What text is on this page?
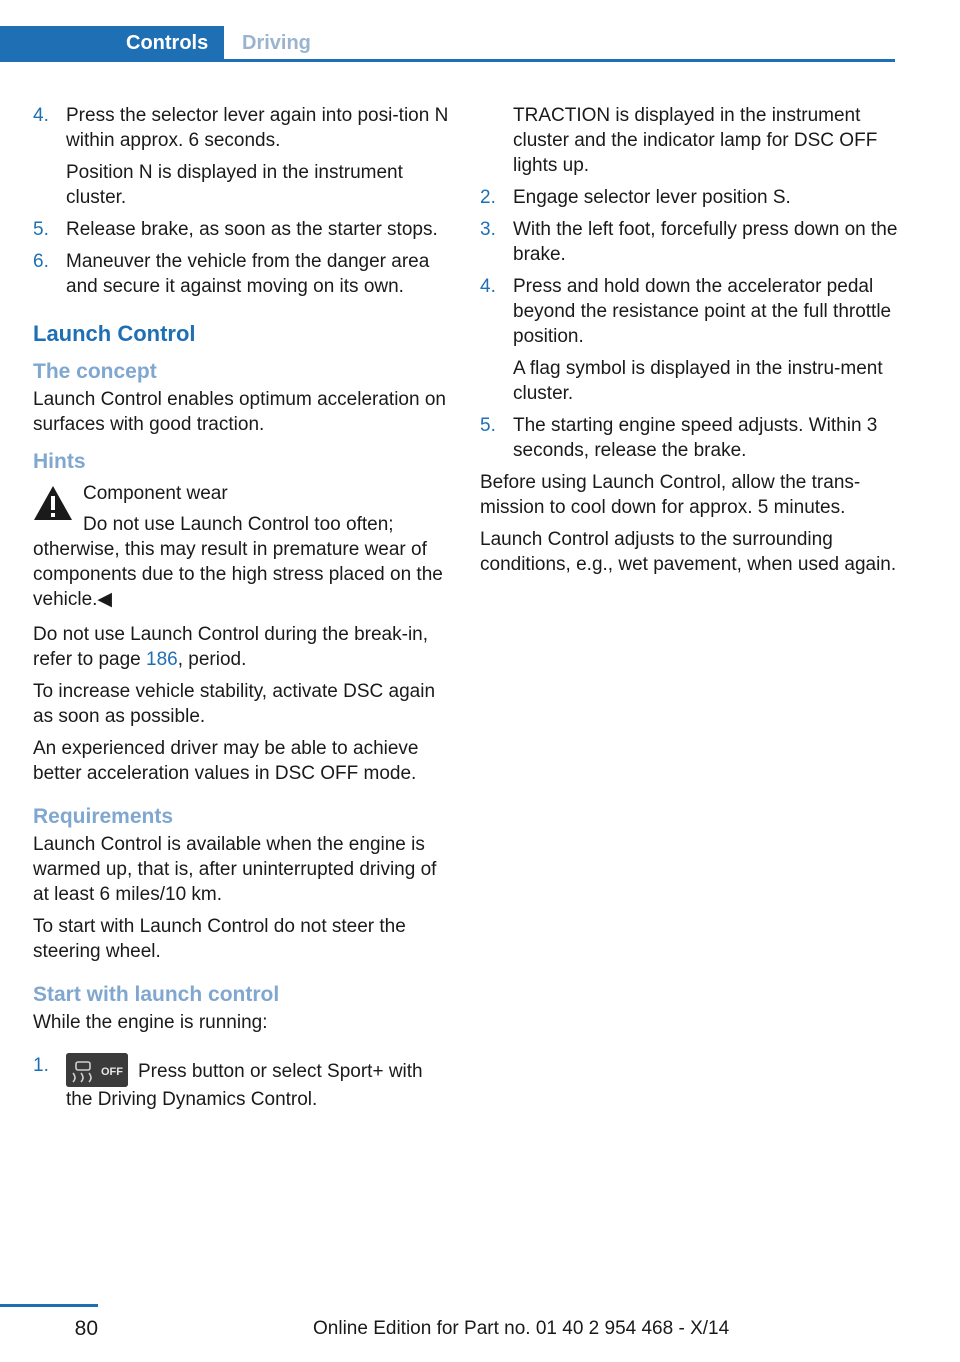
Controls	Driving
4. Press the selector lever again into posi‐tion N within approx. 6 seconds.

Position N is displayed in the instrument cluster.

5. Release brake, as soon as the starter stops.

6. Maneuver the vehicle from the danger area and secure it against moving on its own.

Launch Control
The concept

Launch Control enables optimum acceleration on surfaces with good traction.

Hints
Component wear
Do not use Launch Control too often;
otherwise, this may result in premature wear of components due to the high stress placed on the vehicle.◀

Do not use Launch Control during the break-in, refer to page 186, period.

To increase vehicle stability, activate DSC again as soon as possible.

An experienced driver may be able to achieve better acceleration values in DSC OFF mode.

Requirements

Launch Control is available when the engine is warmed up, that is, after uninterrupted driving of at least 6 miles/10 km.

To start with Launch Control do not steer the steering wheel.

Start with launch control

While the engine is running:

1.	OFF Press button or select Sport+ with the Driving Dynamics Control.

TRACTION is displayed in the instrument cluster and the indicator lamp for DSC OFF lights up.

2. Engage selector lever position S.

3. With the left foot, forcefully press down on the brake.

4. Press and hold down the accelerator pedal beyond the resistance point at the full throttle position.

A flag symbol is displayed in the instru‐ment cluster.

5. The starting engine speed adjusts. Within 3 seconds, release the brake.

Before using Launch Control, allow the trans‐mission to cool down for approx. 5 minutes.

Launch Control adjusts to the surrounding conditions, e.g., wet pavement, when used again.

80	Online Edition for Part no. 01 40 2 954 468 - X/14
